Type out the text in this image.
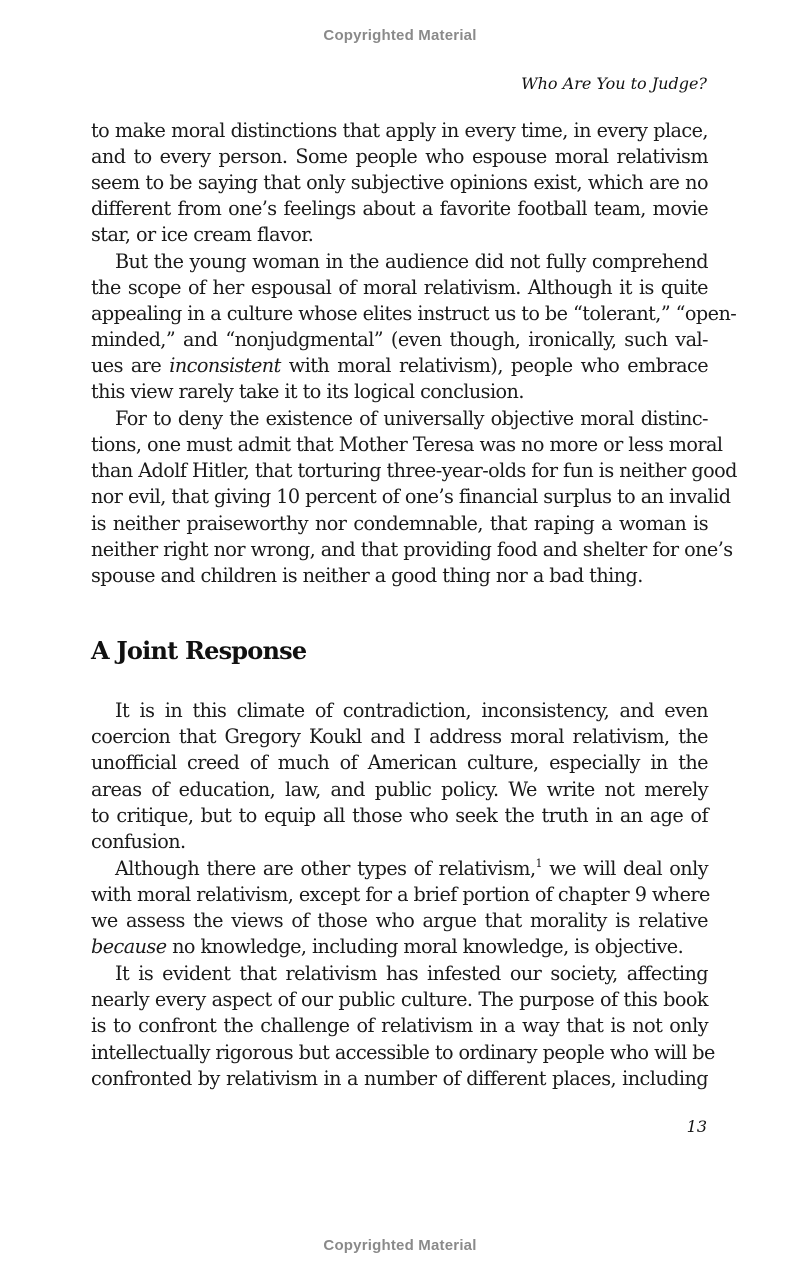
Copyrighted Material
Who Are You to Judge?
to make moral distinctions that apply in every time, in every place,
and to every person. Some people who espouse moral relativism
seem to be saying that only subjective opinions exist, which are no
different from one’s feelings about a favorite football team, movie
star, or ice cream flavor.
But the young woman in the audience did not fully comprehend
the scope of her espousal of moral relativism. Although it is quite
appealing in a culture whose elites instruct us to be “tolerant,” “open-
minded,” and “nonjudgmental” (even though, ironically, such val-
ues are inconsistent with moral relativism), people who embrace
this view rarely take it to its logical conclusion.
For to deny the existence of universally objective moral distinc-
tions, one must admit that Mother Teresa was no more or less moral
than Adolf Hitler, that torturing three-year-olds for fun is neither good
nor evil, that giving 10 percent of one’s financial surplus to an invalid
is neither praiseworthy nor condemnable, that raping a woman is
neither right nor wrong, and that providing food and shelter for one’s
spouse and children is neither a good thing nor a bad thing.
A Joint Response
It is in this climate of contradiction, inconsistency, and even
coercion that Gregory Koukl and I address moral relativism, the
unofficial creed of much of American culture, especially in the
areas of education, law, and public policy. We write not merely
to critique, but to equip all those who seek the truth in an age of
confusion.
Although there are other types of relativism,$^1$ we will deal only
with moral relativism, except for a brief portion of chapter 9 where
we assess the views of those who argue that morality is relative
because no knowledge, including moral knowledge, is objective.
It is evident that relativism has infested our society, affecting
nearly every aspect of our public culture. The purpose of this book
is to confront the challenge of relativism in a way that is not only
intellectually rigorous but accessible to ordinary people who will be
confronted by relativism in a number of different places, including
13
Copyrighted Material
